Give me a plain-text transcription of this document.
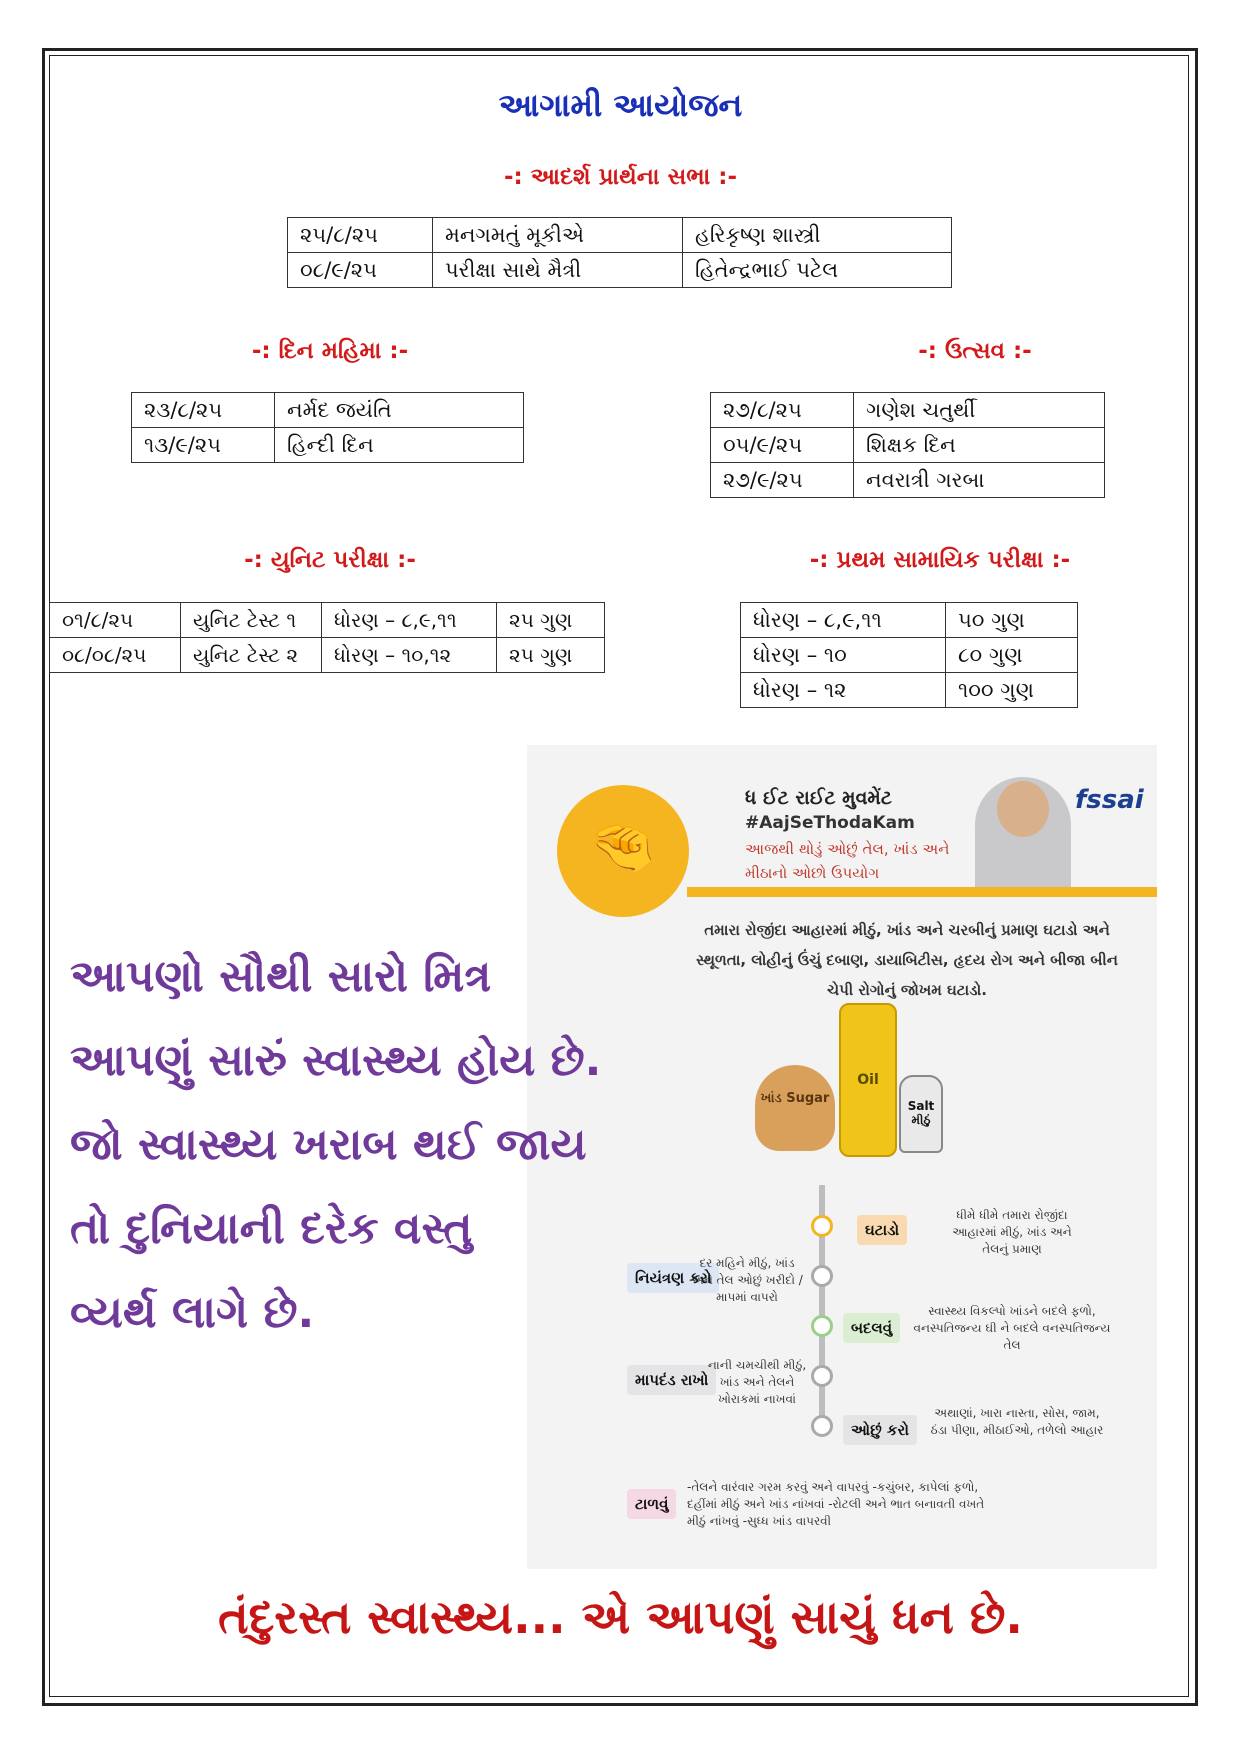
આગામી આયોજન
-: આદર્શ પ્રાર્થના સભા :-
૨૫/૮/૨૫	મનગમતું મૂકીએ	હરિકૃષ્ણ શાસ્ત્રી
૦૮/૯/૨૫	પરીક્ષા સાથે મૈત્રી	હિતેન્દ્રભાઈ પટેલ
-: દિન મહિમા :-
૨૩/૮/૨૫	નર્મદ જયંતિ
૧૩/૯/૨૫	હિન્દી દિન
-: ઉત્સવ :-
૨૭/૮/૨૫	ગણેશ ચતુર્થી
૦૫/૯/૨૫	શિક્ષક દિન
૨૭/૯/૨૫	નવરાત્રી ગરબા
-: યુનિટ પરીક્ષા :-
૦૧/૮/૨૫	યુનિટ ટેસ્ટ ૧	ધોરણ – ૮,૯,૧૧	૨૫ ગુણ
૦૮/૦૮/૨૫	યુનિટ ટેસ્ટ ૨	ધોરણ – ૧૦,૧૨	૨૫ ગુણ
-: પ્રથમ સામાયિક પરીક્ષા :-
ધોરણ – ૮,૯,૧૧	૫૦ ગુણ
ધોરણ – ૧૦	૮૦ ગુણ
ધોરણ – ૧૨	૧૦૦ ગુણ
🤏
fssai
ધ ઈટ રાઈટ મુવમેંટ
#AajSeThodaKam
આજથી થોડું ઓછું તેલ, ખાંડ અને મીઠાનો ઓછો ઉપયોગ
તમારા રોજીંદા આહારમાં મીઠું, ખાંડ અને ચરબીનું પ્રમાણ ઘટાડો અને સ્થૂળતા, લોહીનું ઉંચું દબાણ, ડાયાબિટીસ, હૃદય રોગ અને બીજા બીન ચેપી રોગોનું જોખમ ઘટાડો.
ખાંડ Sugar
Oil
Salt મીઠું
ઘટાડો
ધીમે ધીમે તમારા રોજીંદા આહારમાં મીઠું, ખાંડ અને તેલનું પ્રમાણ
નિયંત્રણ કરો
દર મહિને મીઠું, ખાંડ અને તેલ ઓછું ખરીદો / માપમાં વાપરો
બદલવું
સ્વાસ્થ્ય વિકલ્પો ખાંડને બદલે ફળો, વનસ્પતિજન્ય ઘી ને બદલે વનસ્પતિજન્ય તેલ
માપદંડ રાખો
નાની ચમચીથી મીઠું, ખાંડ અને તેલને ખોરાકમાં નાખવાં
ઓછું કરો
અથાણાં, ખારા નાસ્તા, સોસ, જામ, ઠંડા પીણા, મીઠાઈઓ, તળેલો આહાર
ટાળવું
-તેલને વારંવાર ગરમ કરવું અને વાપરવું -કચુંબર, કાપેલાં ફળો, દહીંમાં મીઠું અને ખાંડ નાંખવાં -રોટલી અને ભાત બનાવતી વખતે મીઠું નાંખવું -સુધ્ધ ખાંડ વાપરવી
આપણો સૌથી સારો મિત્ર
આપણું સારું સ્વાસ્થ્ય હોય છે.
જો સ્વાસ્થ્ય ખરાબ થઈ જાય
તો દુનિયાની દરેક વસ્તુ
વ્યર્થ લાગે છે.
તંદુરસ્ત સ્વાસ્થ્ય... એ આપણું સાચું ધન છે.
